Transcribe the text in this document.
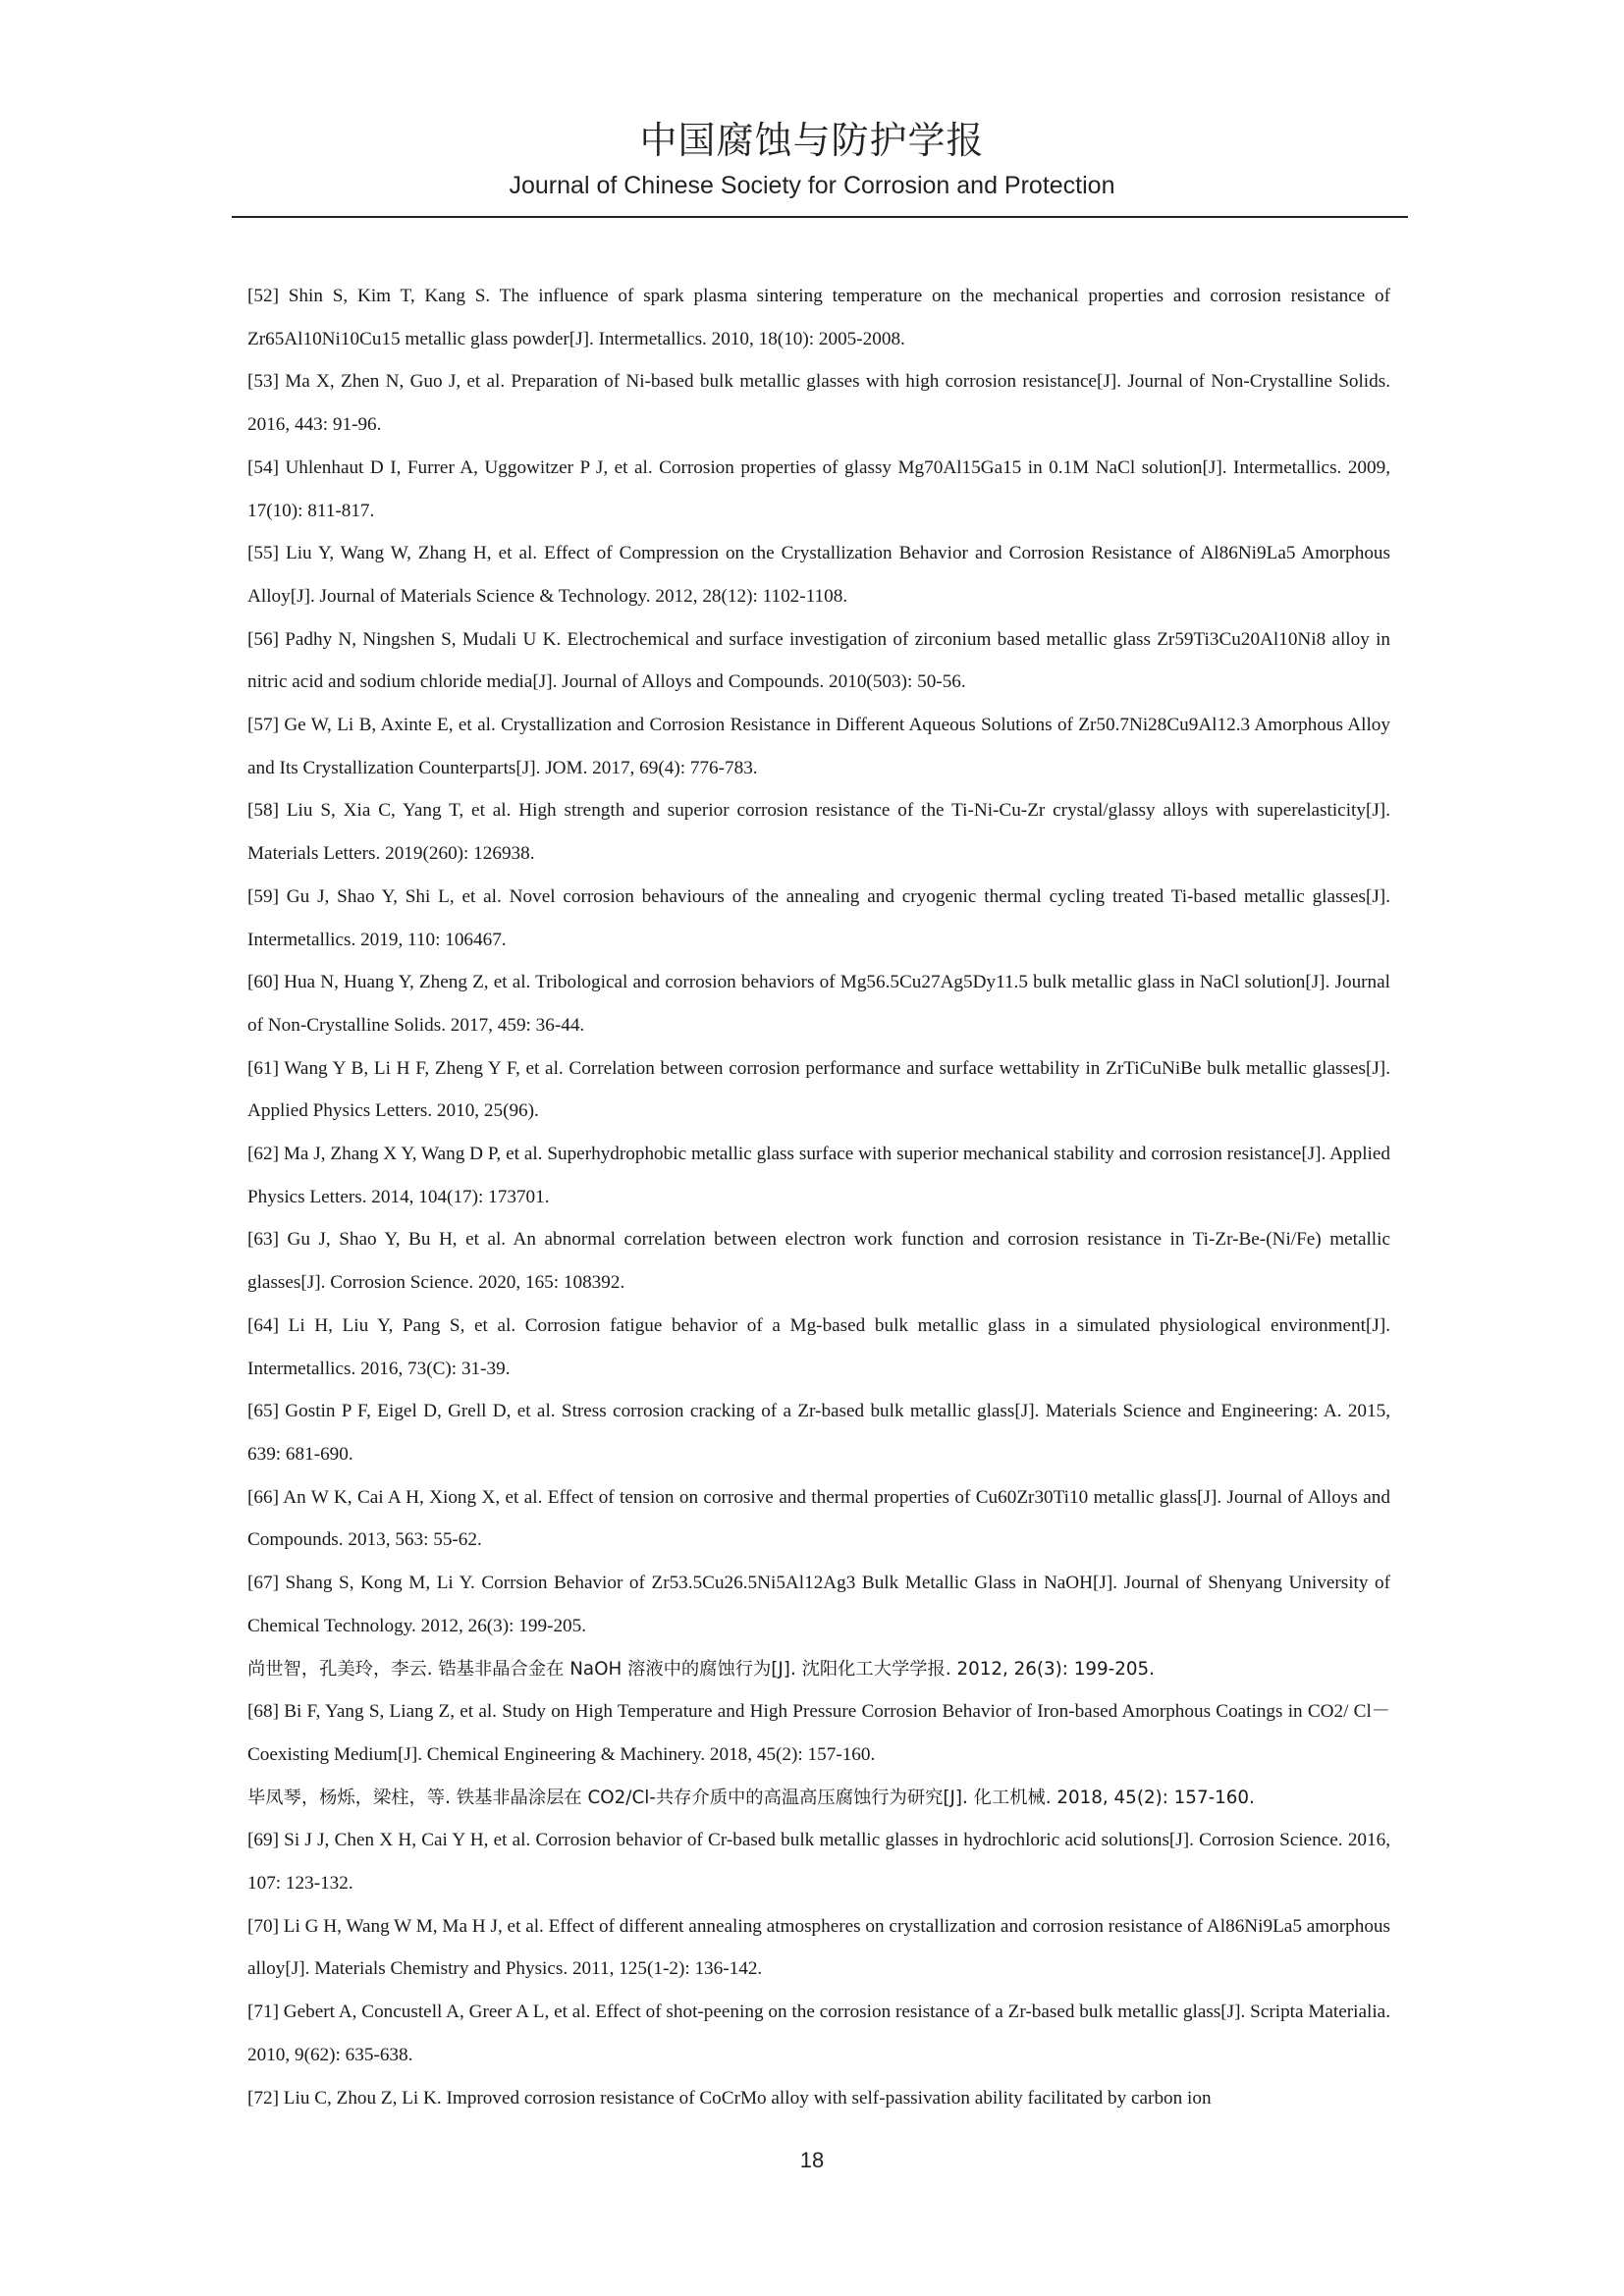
中国腐蚀与防护学报
Journal of Chinese Society for Corrosion and Protection

[52] Shin S, Kim T, Kang S. The influence of spark plasma sintering temperature on the mechanical properties and corrosion resistance of Zr65Al10Ni10Cu15 metallic glass powder[J]. Intermetallics. 2010, 18(10): 2005-2008.

[53] Ma X, Zhen N, Guo J, et al. Preparation of Ni-based bulk metallic glasses with high corrosion resistance[J]. Journal of Non-Crystalline Solids. 2016, 443: 91-96.

[54] Uhlenhaut D I, Furrer A, Uggowitzer P J, et al. Corrosion properties of glassy Mg70Al15Ga15 in 0.1M NaCl solution[J]. Intermetallics. 2009, 17(10): 811-817.

[55] Liu Y, Wang W, Zhang H, et al. Effect of Compression on the Crystallization Behavior and Corrosion Resistance of Al86Ni9La5 Amorphous Alloy[J]. Journal of Materials Science & Technology. 2012, 28(12): 1102-1108.

[56] Padhy N, Ningshen S, Mudali U K. Electrochemical and surface investigation of zirconium based metallic glass Zr59Ti3Cu20Al10Ni8 alloy in nitric acid and sodium chloride media[J]. Journal of Alloys and Compounds. 2010(503): 50-56.

[57] Ge W, Li B, Axinte E, et al. Crystallization and Corrosion Resistance in Different Aqueous Solutions of Zr50.7Ni28Cu9Al12.3 Amorphous Alloy and Its Crystallization Counterparts[J]. JOM. 2017, 69(4): 776-783.

[58] Liu S, Xia C, Yang T, et al. High strength and superior corrosion resistance of the Ti-Ni-Cu-Zr crystal/glassy alloys with superelasticity[J]. Materials Letters. 2019(260): 126938.

[59] Gu J, Shao Y, Shi L, et al. Novel corrosion behaviours of the annealing and cryogenic thermal cycling treated Ti-based metallic glasses[J]. Intermetallics. 2019, 110: 106467.

[60] Hua N, Huang Y, Zheng Z, et al. Tribological and corrosion behaviors of Mg56.5Cu27Ag5Dy11.5 bulk metallic glass in NaCl solution[J]. Journal of Non-Crystalline Solids. 2017, 459: 36-44.

[61] Wang Y B, Li H F, Zheng Y F, et al. Correlation between corrosion performance and surface wettability in ZrTiCuNiBe bulk metallic glasses[J]. Applied Physics Letters. 2010, 25(96).

[62] Ma J, Zhang X Y, Wang D P, et al. Superhydrophobic metallic glass surface with superior mechanical stability and corrosion resistance[J]. Applied Physics Letters. 2014, 104(17): 173701.

[63] Gu J, Shao Y, Bu H, et al. An abnormal correlation between electron work function and corrosion resistance in Ti-Zr-Be-(Ni/Fe) metallic glasses[J]. Corrosion Science. 2020, 165: 108392.

[64] Li H, Liu Y, Pang S, et al. Corrosion fatigue behavior of a Mg-based bulk metallic glass in a simulated physiological environment[J]. Intermetallics. 2016, 73(C): 31-39.

[65] Gostin P F, Eigel D, Grell D, et al. Stress corrosion cracking of a Zr-based bulk metallic glass[J]. Materials Science and Engineering: A. 2015, 639: 681-690.

[66] An W K, Cai A H, Xiong X, et al. Effect of tension on corrosive and thermal properties of Cu60Zr30Ti10 metallic glass[J]. Journal of Alloys and Compounds. 2013, 563: 55-62.

[67] Shang S, Kong M, Li Y. Corrsion Behavior of Zr53.5Cu26.5Ni5Al12Ag3 Bulk Metallic Glass in NaOH[J]. Journal of Shenyang University of Chemical Technology. 2012, 26(3): 199-205.

尚世智，孔美玲，李云. 锆基非晶合金在 NaOH 溶液中的腐蚀行为[J]. 沈阳化工大学学报. 2012, 26(3): 199-205.

[68] Bi F, Yang S, Liang Z, et al. Study on High Temperature and High Pressure Corrosion Behavior of Iron-based Amorphous Coatings in CO2/ Cl－Coexisting Medium[J]. Chemical Engineering & Machinery. 2018, 45(2): 157-160.

毕凤琴，杨烁，梁柱，等. 铁基非晶涂层在 CO2/Cl-共存介质中的高温高压腐蚀行为研究[J]. 化工机械. 2018, 45(2): 157-160.

[69] Si J J, Chen X H, Cai Y H, et al. Corrosion behavior of Cr-based bulk metallic glasses in hydrochloric acid solutions[J]. Corrosion Science. 2016, 107: 123-132.

[70] Li G H, Wang W M, Ma H J, et al. Effect of different annealing atmospheres on crystallization and corrosion resistance of Al86Ni9La5 amorphous alloy[J]. Materials Chemistry and Physics. 2011, 125(1-2): 136-142.

[71] Gebert A, Concustell A, Greer A L, et al. Effect of shot-peening on the corrosion resistance of a Zr-based bulk metallic glass[J]. Scripta Materialia. 2010, 9(62): 635-638.

[72] Liu C, Zhou Z, Li K. Improved corrosion resistance of CoCrMo alloy with self-passivation ability facilitated by carbon ion

18
